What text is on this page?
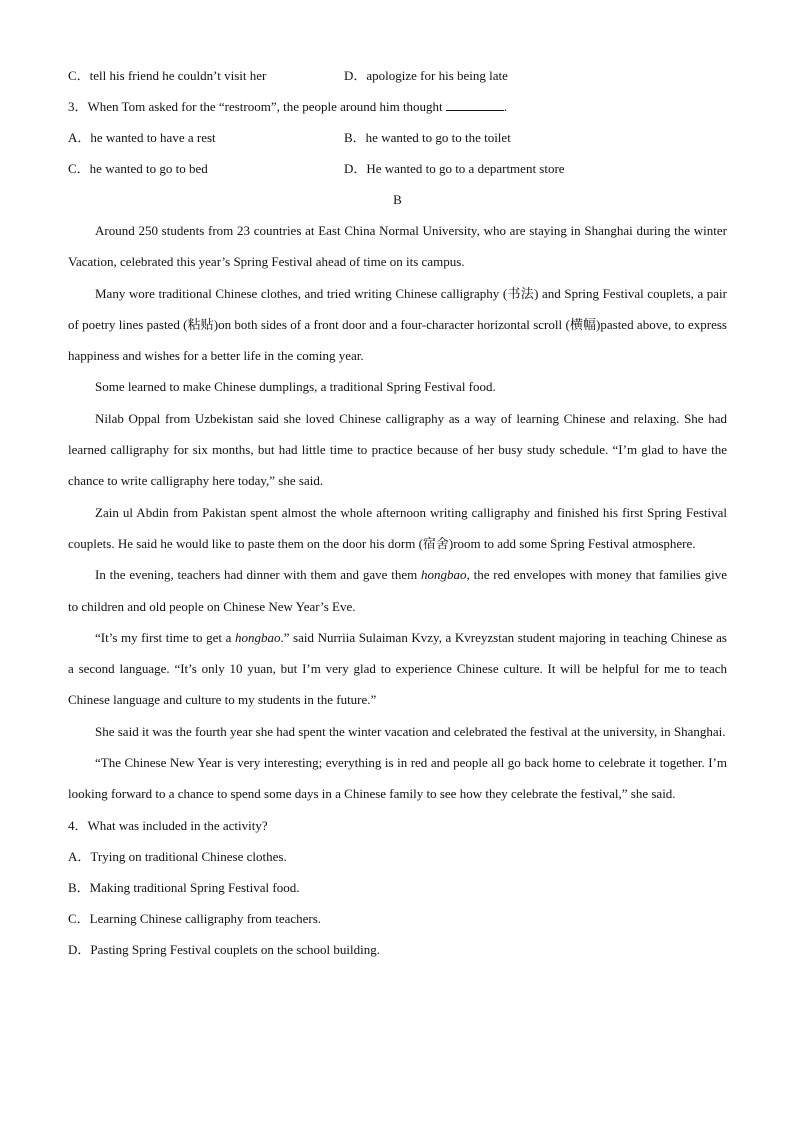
C．tell his friend he couldn’t visit her	D．apologize for his being late
3．When Tom asked for the “restroom”, the people around him thought	.
A．he wanted to have a rest	B．he wanted to go to the toilet
C．he wanted to go to bed	D．He wanted to go to a department store
B

Around 250 students from 23 countries at East China Normal University, who are staying in Shanghai during the winter Vacation, celebrated this year’s Spring Festival ahead of time on its campus.

Many wore traditional Chinese clothes, and tried writing Chinese calligraphy (书法) and Spring Festival couplets, a pair of poetry lines pasted (粘贴)on both sides of a front door and a four-character horizontal scroll (横幅)pasted above, to express happiness and wishes for a better life in the coming year.

Some learned to make Chinese dumplings, a traditional Spring Festival food.

Nilab Oppal from Uzbekistan said she loved Chinese calligraphy as a way of learning Chinese and relaxing. She had learned calligraphy for six months, but had little time to practice because of her busy study schedule. “I’m glad to have the chance to write calligraphy here today,” she said.

Zain ul Abdin from Pakistan spent almost the whole afternoon writing calligraphy and finished his first Spring Festival couplets. He said he would like to paste them on the door his dorm (宿舍)room to add some Spring Festival atmosphere.

In the evening, teachers had dinner with them and gave them hongbao, the red envelopes with money that families give to children and old people on Chinese New Year’s Eve.

“It’s my first time to get a hongbao.” said Nurriia Sulaiman Kvzy, a Kvreyzstan student majoring in teaching Chinese as a second language. “It’s only 10 yuan, but I’m very glad to experience Chinese culture. It will be helpful for me to teach Chinese language and culture to my students in the future.”

She said it was the fourth year she had spent the winter vacation and celebrated the festival at the university, in Shanghai.

“The Chinese New Year is very interesting; everything is in red and people all go back home to celebrate it together. I’m looking forward to a chance to spend some days in a Chinese family to see how they celebrate the festival,” she said.

4．What was included in the activity?
A．Trying on traditional Chinese clothes.
B．Making traditional Spring Festival food.
C．Learning Chinese calligraphy from teachers.
D．Pasting Spring Festival couplets on the school building.
